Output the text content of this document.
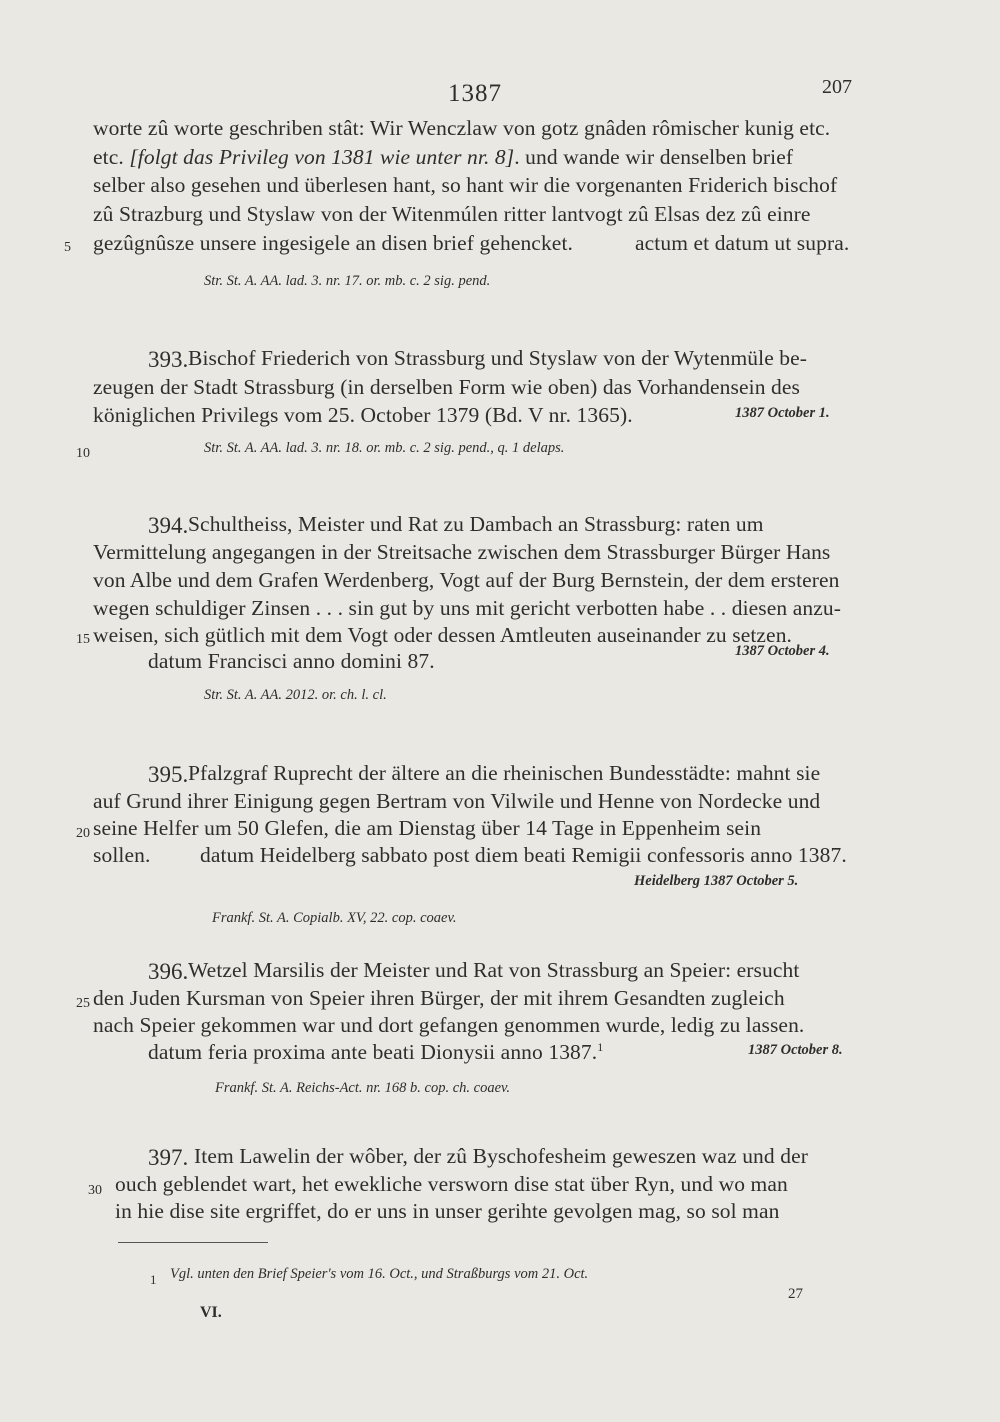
1387	207
worte zû worte geschriben stât: Wir Wenczlaw von gotz gnâden rômischer kunig etc.
etc. [folgt das Privileg von 1381 wie unter nr. 8]. und wande wir denselben brief
selber also gesehen und überlesen hant, so hant wir die vorgenanten Friderich bischof
zû Strazburg und Styslaw von der Witenmúlen ritter lantvogt zû Elsas dez zû einre
5 gezûgnûsze unsere ingesigele an disen brief gehencket.	actum et datum ut supra.
Str. St. A. AA. lad. 3. nr. 17. or. mb. c. 2 sig. pend.
393. Bischof Friederich von Strassburg und Styslaw von der Wytenmüle be-
zeugen der Stadt Strassburg (in derselben Form wie oben) das Vorhandensein des
königlichen Privilegs vom 25. October 1379 (Bd. V nr. 1365).	1387 October 1.
10	Str. St. A. AA. lad. 3. nr. 18. or. mb. c. 2 sig. pend., q. 1 delaps.
394. Schultheiss, Meister und Rat zu Dambach an Strassburg: raten um
Vermittelung angegangen in der Streitsache zwischen dem Strassburger Bürger Hans
von Albe und dem Grafen Werdenberg, Vogt auf der Burg Bernstein, der dem ersteren
wegen schuldiger Zinsen . . . sin gut by uns mit gericht verbotten habe . . diesen anzu-
15 weisen, sich gütlich mit dem Vogt oder dessen Amtleuten auseinander zu setzen.
datum Francisci anno domini 87.	1387 October 4.
Str. St. A. AA. 2012. or. ch. l. cl.
395. Pfalzgraf Ruprecht der ältere an die rheinischen Bundesstädte: mahnt sie
auf Grund ihrer Einigung gegen Bertram von Vilwile und Henne von Nordecke und
20 seine Helfer um 50 Glefen, die am Dienstag über 14 Tage in Eppenheim sein
sollen. datum Heidelberg sabbato post diem beati Remigii confessoris anno 1387.
Heidelberg 1387 October 5.
Frankf. St. A. Copialb. XV, 22. cop. coaev.
396. Wetzel Marsilis der Meister und Rat von Strassburg an Speier: ersucht
25 den Juden Kursman von Speier ihren Bürger, der mit ihrem Gesandten zugleich
nach Speier gekommen war und dort gefangen genommen wurde, ledig zu lassen.
datum feria proxima ante beati Dionysii anno 1387.$^1$	1387 October 8.
Frankf. St. A. Reichs-Act. nr. 168 b. cop. ch. coaev.
397. Item Lawelin der wôber, der zû Byschofesheim geweszen waz und der
30 ouch geblendet wart, het ewekliche versworn dise stat über Ryn, und wo man
in hie dise site ergriffet, do er uns in unser gerihte gevolgen mag, so sol man
1 Vgl. unten den Brief Speier's vom 16. Oct., und Straßburgs vom 21. Oct.
VI.
27
